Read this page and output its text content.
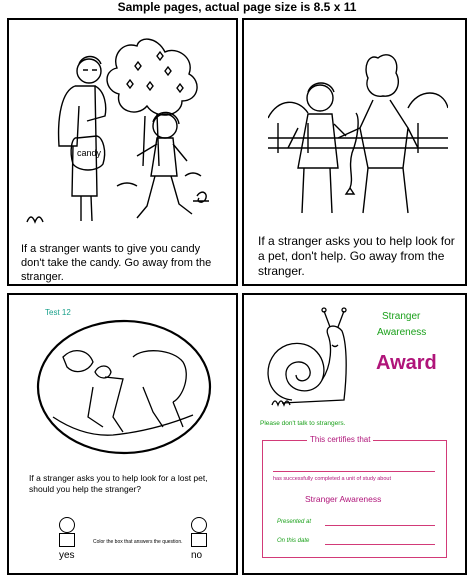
Sample pages, actual page size is 8.5 x 11
candy
If a stranger wants to give you candy don't take the candy. Go away from the stranger.
If a stranger asks you to help look for a pet, don't help. Go away from the stranger.
Test 12
If a stranger asks you to help look for a lost pet, should you help the stranger?
Color the box that answers the question.
yes	no
Stranger
Awareness
Award
Please don't talk to strangers.
This certifies that
has successfully completed a unit of study about
Stranger Awareness
Presented at
On this date
